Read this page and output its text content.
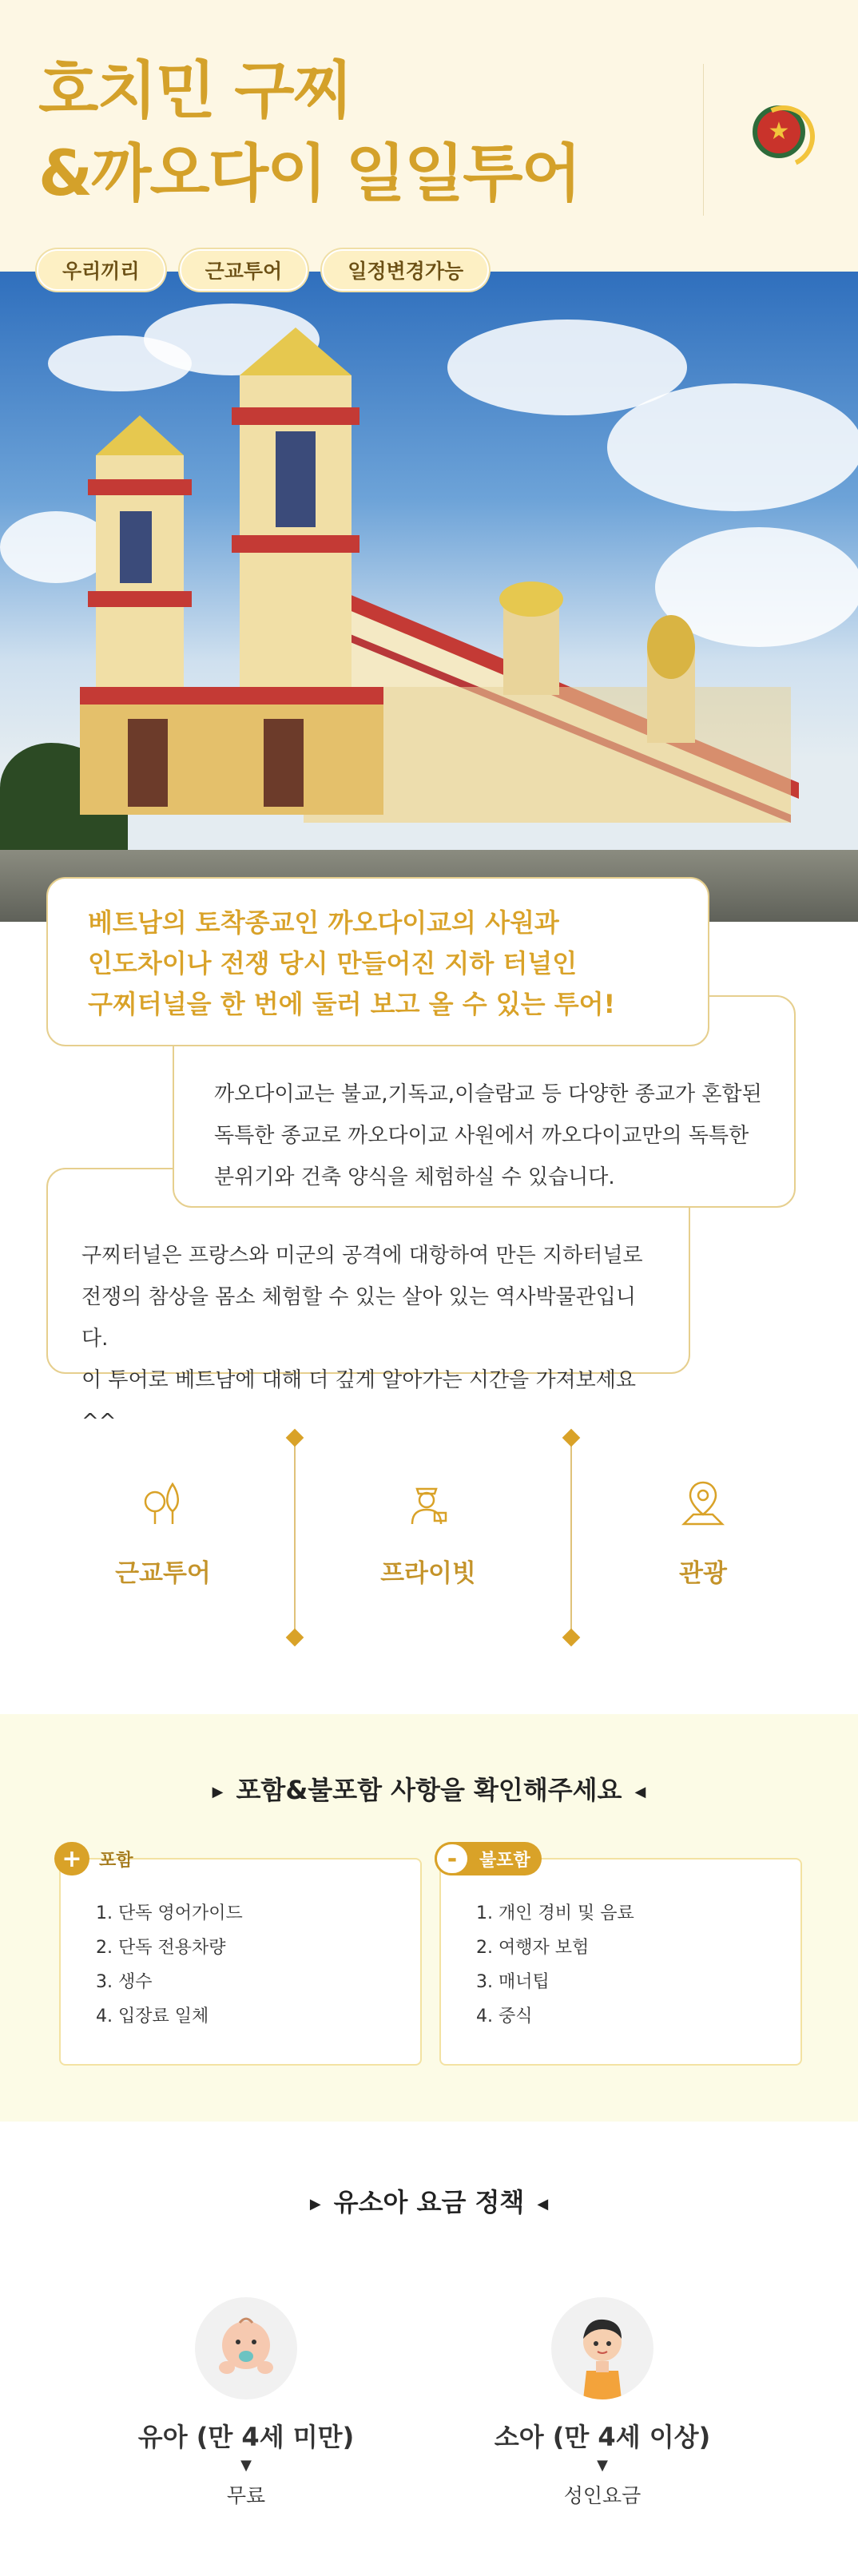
호치민 구찌
&까오다이 일일투어
★
우리끼리	근교투어	일정변경가능

베트남의 토착종교인 까오다이교의 사원과

인도차이나 전쟁 당시 만들어진 지하 터널인

구찌터널을 한 번에 둘러 보고 올 수 있는 투어!

까오다이교는 불교,기독교,이슬람교 등 다양한 종교가 혼합된
독특한 종교로 까오다이교 사원에서 까오다이교만의 독특한
분위기와 건축 양식을 체험하실 수 있습니다.

구찌터널은 프랑스와 미군의 공격에 대항하여 만든 지하터널로
전쟁의 참상을 몸소 체험할 수 있는 살아 있는 역사박물관입니다.
이 투어로 베트남에 대해 더 깊게 알아가는 시간을 가져보세요^^

근교투어	프라이빗	관광
▶ 포함&불포함 사항을 확인해주세요 ◀
+ 포함
1. 단독 영어가이드
2. 단독 전용차량
3. 생수
4. 입장료 일체
-	불포함
1. 개인 경비 및 음료
2. 여행자 보험
3. 매너팁
4. 중식
▶ 유소아 요금 정책 ◀
유아 (만 4세 미만)
▼
무료
소아 (만 4세 이상)
▼
성인요금
